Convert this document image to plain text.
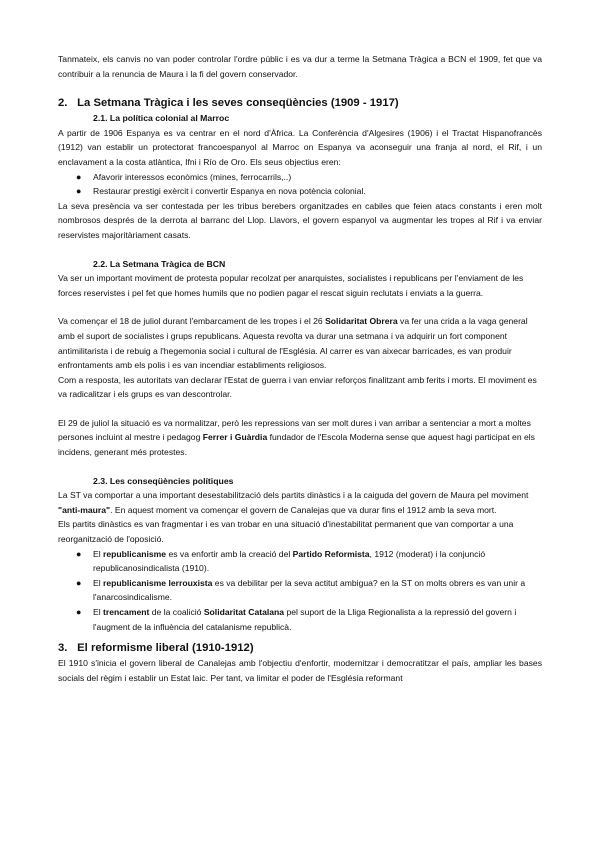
Tanmateix, els canvis no van poder controlar l'ordre públic i es va dur a terme la Setmana Tràgica a BCN el 1909, fet que va contribuir a la renuncia de Maura i la fi del govern conservador.

2. La Setmana Tràgica i les seves conseqüències (1909 - 1917)
2.1. La política colonial al Marroc

A partir de 1906 Espanya es va centrar en el nord d'Àfrica. La Conferència d'Algesires (1906) i el Tractat Hispanofrancès (1912) van establir un protectorat francoespanyol al Marroc on Espanya va aconseguir una franja al nord, el Rif, i un enclavament a la costa atlàntica, Ifni i Río de Oro. Els seus objectius eren:

● Afavorir interessos econòmics (mines, ferrocarrils,..)
● Restaurar prestigi exèrcit i convertir Espanya en nova potència colonial.

La seva presència va ser contestada per les tribus berebers organitzades en cabiles que feien atacs constants i eren molt nombrosos després de la derrota al barranc del Llop. Llavors, el govern espanyol va augmentar les tropes al Rif i va enviar reservistes majoritàriament casats.

2.2. La Setmana Tràgica de BCN

Va ser un important moviment de protesta popular recolzat per anarquistes, socialistes i republicans per l'enviament de les forces reservistes i pel fet que homes humils que no podien pagar el rescat siguin reclutats i enviats a la guerra.

Va començar el 18 de juliol durant l'embarcament de les tropes i el 26 Solidaritat Obrera va fer una crida a la vaga general amb el suport de socialistes i grups republicans. Aquesta revolta va durar una setmana i va adquirir un fort component antimilitarista i de rebuig a l'hegemonia social i cultural de l'Església. Al carrer es van aixecar barricades, es van produir enfrontaments amb els polis i es van incendiar establiments religiosos.

Com a resposta, les autoritats van declarar l'Estat de guerra i van enviar reforços finalitzant amb ferits i morts. El moviment es va radicalitzar i els grups es van descontrolar.

El 29 de juliol la situació es va normalitzar, però les repressions van ser molt dures i van arribar a sentenciar a mort a moltes persones incluint al mestre i pedagog Ferrer i Guàrdia fundador de l'Escola Moderna sense que aquest hagi participat en els incidens, generant més protestes.

2.3. Les conseqüències polítiques

La ST va comportar a una important desestabilització dels partits dinàstics i a la caiguda del govern de Maura pel moviment "anti-maura". En aquest moment va començar el govern de Canalejas que va durar fins el 1912 amb la seva mort.

Els partits dinàstics es van fragmentar i es van trobar en una situació d'inestabilitat permanent que van comportar a una reorganització de l'oposició.

● El republicanisme es va enfortir amb la creació del Partido Reformista, 1912 (moderat) i la conjunció republicanosindicalista (1910).
● El republicanisme lerrouxista es va debilitar per la seva actitut ambigua? en la ST on molts obrers es van unir a l'anarcosindicalisme.
● El trencament de la coalició Solidaritat Catalana pel suport de la Lliga Regionalista a la repressió del govern i l'augment de la influència del catalanisme republicà.
3. El reformisme liberal (1910-1912)

El 1910 s'inicia el govern liberal de Canalejas amb l'objectiu d'enfortir, modernitzar i democratitzar el país, ampliar les bases socials del règim i establir un Estat laic. Per tant, va limitar el poder de l'Església reformant
